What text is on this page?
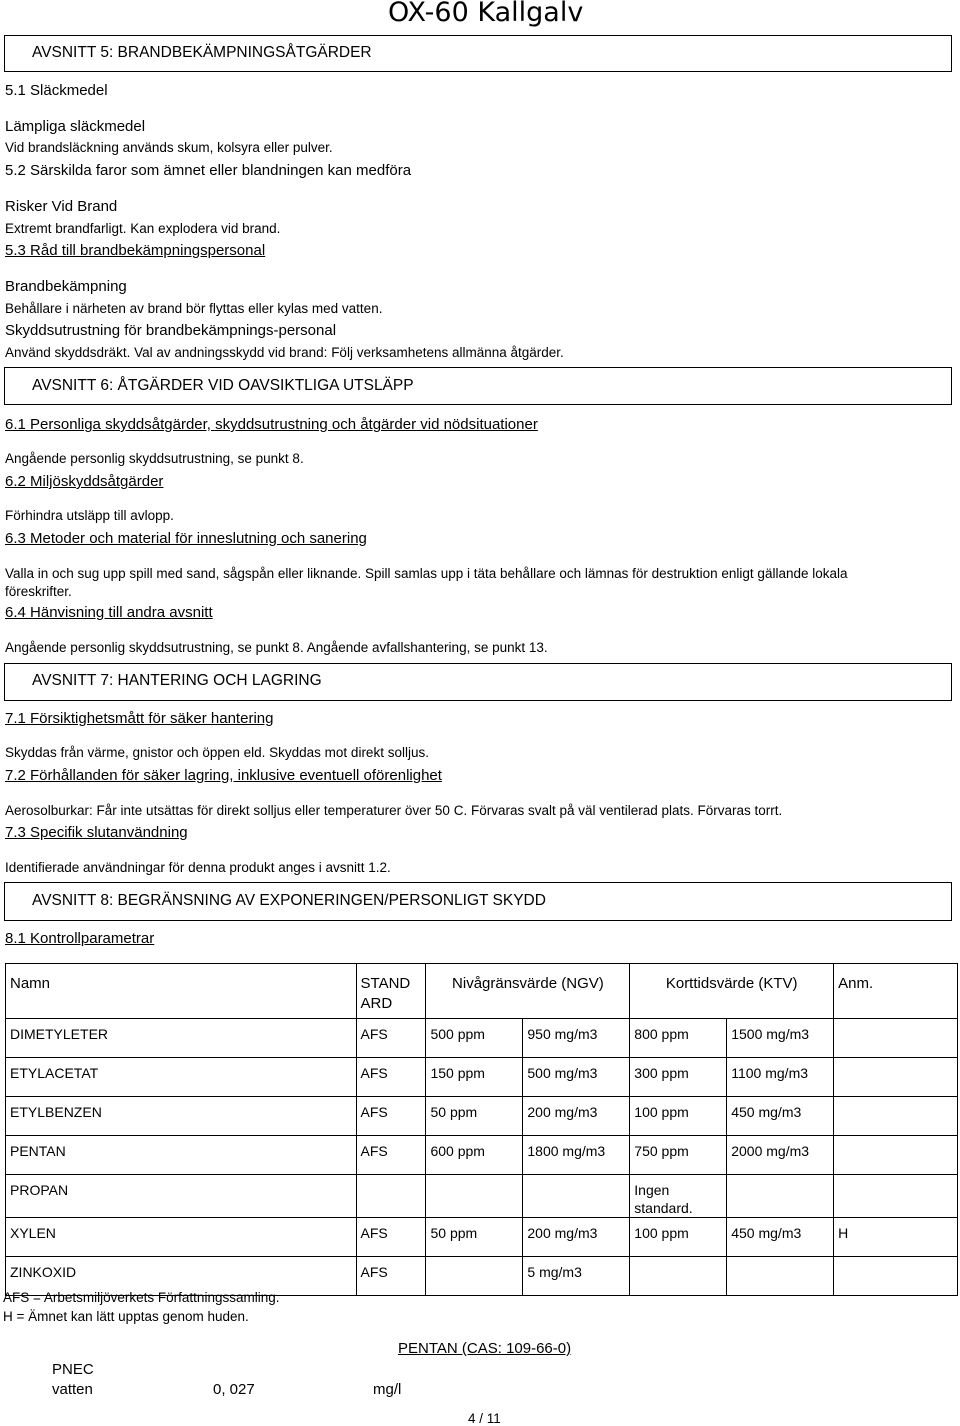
OX-60 Kallgalv
AVSNITT 5: BRANDBEKÄMPNINGSÅTGÄRDER
5.1 Släckmedel
Lämpliga släckmedel
Vid brandsläckning används skum, kolsyra eller pulver.
5.2 Särskilda faror som ämnet eller blandningen kan medföra
Risker Vid Brand
Extremt brandfarligt. Kan explodera vid brand.
5.3 Råd till brandbekämpningspersonal
Brandbekämpning
Behållare i närheten av brand bör flyttas eller kylas med vatten.
Skyddsutrustning för brandbekämpnings-personal
Använd skyddsdräkt. Val av andningsskydd vid brand: Följ verksamhetens allmänna åtgärder.
AVSNITT 6: ÅTGÄRDER VID OAVSIKTLIGA UTSLÄPP
6.1 Personliga skyddsåtgärder, skyddsutrustning och åtgärder vid nödsituationer
Angående personlig skyddsutrustning, se punkt 8.
6.2 Miljöskyddsåtgärder
Förhindra utsläpp till avlopp.
6.3 Metoder och material för inneslutning och sanering
Valla in och sug upp spill med sand, sågspån eller liknande. Spill samlas upp i täta behållare och lämnas för destruktion enligt gällande lokala föreskrifter.
6.4 Hänvisning till andra avsnitt
Angående personlig skyddsutrustning, se punkt 8. Angående avfallshantering, se punkt 13.
AVSNITT 7: HANTERING OCH LAGRING
7.1 Försiktighetsmått för säker hantering
Skyddas från värme, gnistor och öppen eld. Skyddas mot direkt solljus.
7.2 Förhållanden för säker lagring, inklusive eventuell oförenlighet
Aerosolburkar: Får inte utsättas för direkt solljus eller temperaturer över 50 C. Förvaras svalt på väl ventilerad plats. Förvaras torrt.
7.3 Specifik slutanvändning
Identifierade användningar för denna produkt anges i avsnitt 1.2.
AVSNITT 8: BEGRÄNSNING AV EXPONERINGEN/PERSONLIGT SKYDD
8.1 Kontrollparametrar
Namn	STAND ARD	Nivågränsvärde (NGV)		Korttidsvärde (KTV)		Anm.
DIMETYLETER	AFS	500 ppm	950 mg/m3	800 ppm	1500 mg/m3	
ETYLACETAT	AFS	150 ppm	500 mg/m3	300 ppm	1100 mg/m3	
ETYLBENZEN	AFS	50 ppm	200 mg/m3	100 ppm	450 mg/m3	
PENTAN	AFS	600 ppm	1800 mg/m3	750 ppm	2000 mg/m3	
PROPAN				Ingen standard.		
XYLEN	AFS	50 ppm	200 mg/m3	100 ppm	450 mg/m3	H
ZINKOXID	AFS		5 mg/m3			
AFS = Arbetsmiljöverkets Författningssamling.
H = Ämnet kan lätt upptas genom huden.
PENTAN (CAS: 109-66-0)
PNEC
vatten	0, 027	mg/l
4 / 11
